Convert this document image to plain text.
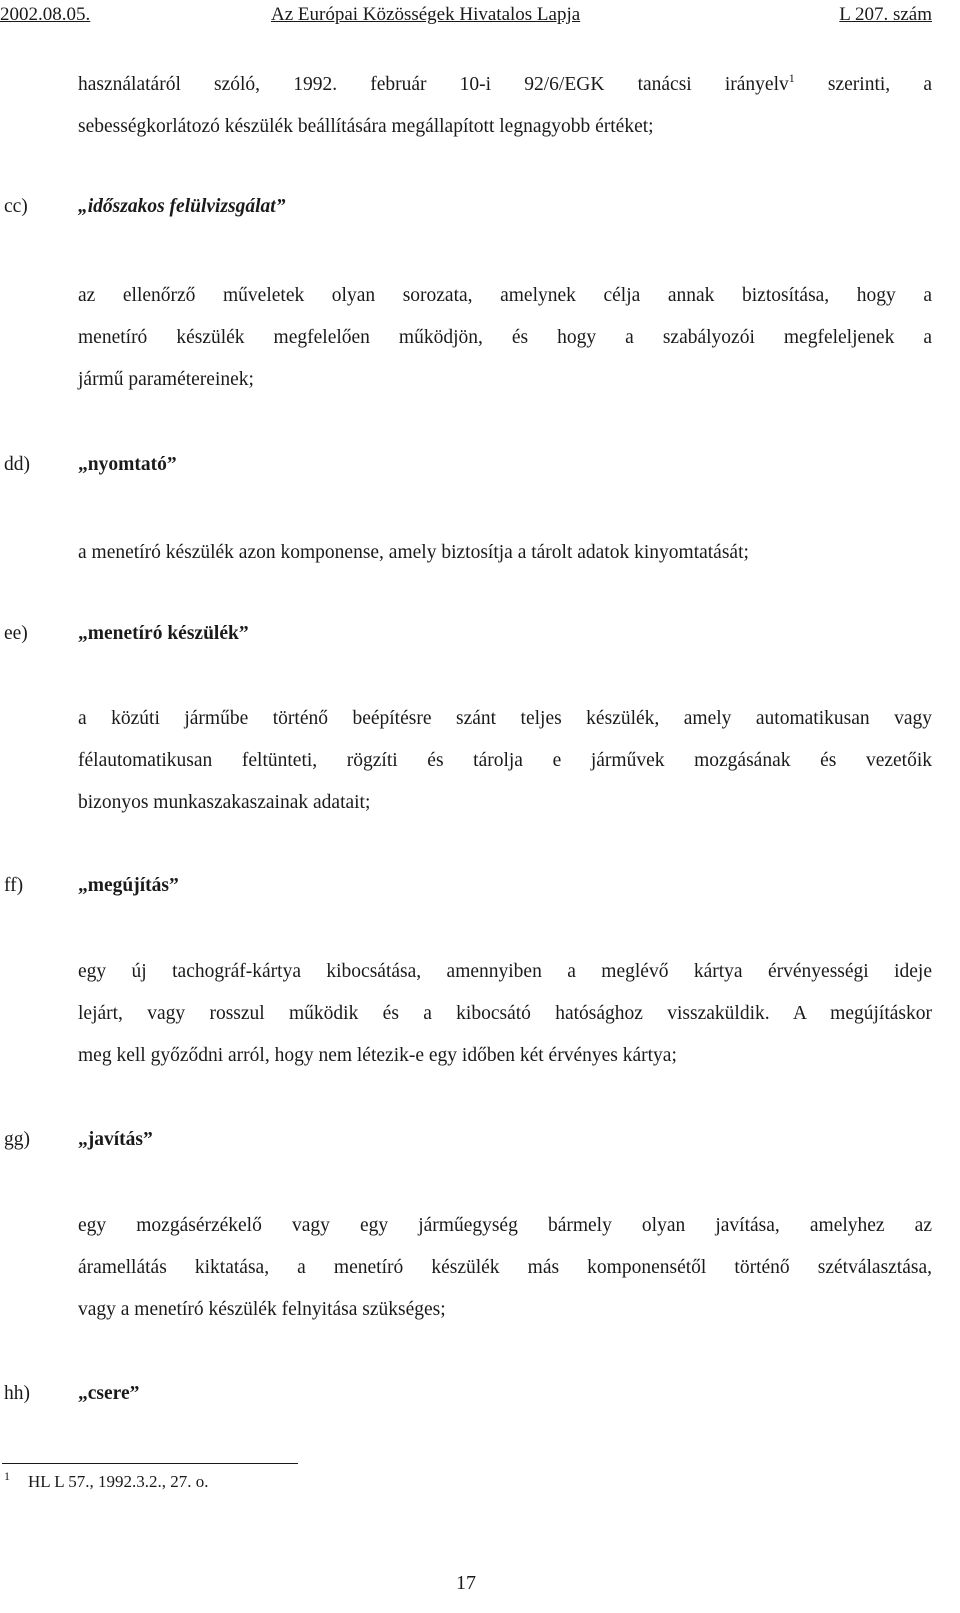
2002.08.05.	Az Európai Közösségek Hivatalos Lapja	L 207. szám
használatáról szóló, 1992. február 10-i 92/6/EGK tanácsi irányelv$^1$ szerinti, a
sebességkorlátozó készülék beállítására megállapított legnagyobb értéket;
cc)	„időszakos felülvizsgálat”
az ellenőrző műveletek olyan sorozata, amelynek célja annak biztosítása, hogy a
menetíró készülék megfelelően működjön, és hogy a szabályozói megfeleljenek a
jármű paramétereinek;
dd) „nyomtató”
a menetíró készülék azon komponense, amely biztosítja a tárolt adatok kinyomtatását;
ee)	„menetíró készülék”
a közúti járműbe történő beépítésre szánt teljes készülék, amely automatikusan vagy
félautomatikusan feltünteti, rögzíti és tárolja e járművek mozgásának és vezetőik
bizonyos munkaszakaszainak adatait;
ff)	„megújítás”
egy új tachográf-kártya kibocsátása, amennyiben a meglévő kártya érvényességi ideje
lejárt, vagy rosszul működik és a kibocsátó hatósághoz visszaküldik. A megújításkor
meg kell győződni arról, hogy nem létezik-e egy időben két érvényes kártya;
gg) „javítás”
egy mozgásérzékelő vagy egy járműegység bármely olyan javítása, amelyhez az
áramellátás kiktatása, a menetíró készülék más komponensétől történő szétválasztása,
vagy a menetíró készülék felnyitása szükséges;
hh) „csere”
$^1$ HL L 57., 1992.3.2., 27. o.
17
